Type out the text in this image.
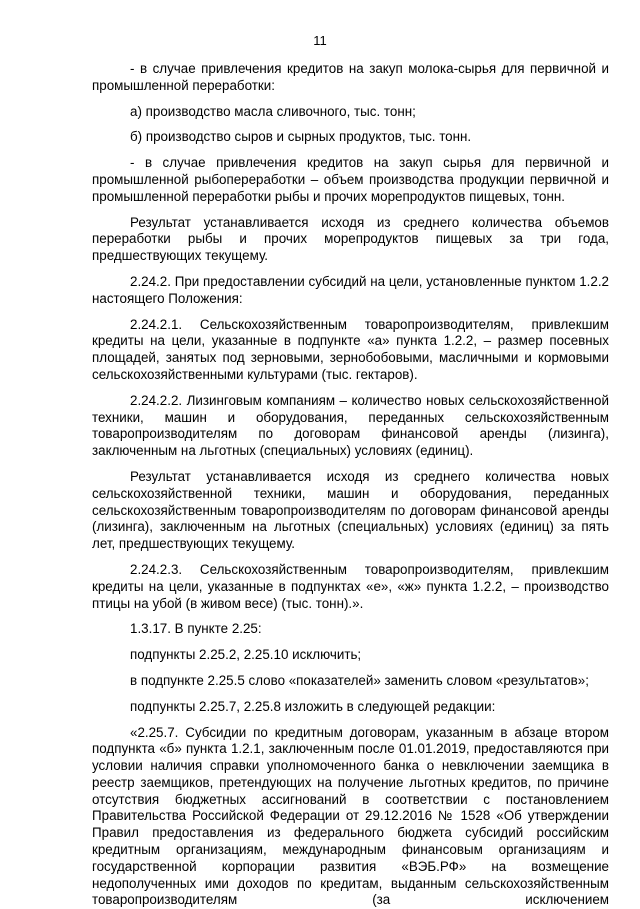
11

- в случае привлечения кредитов на закуп молока-сырья для первичной и промышленной переработки:

а) производство масла сливочного, тыс. тонн;

б) производство сыров и сырных продуктов, тыс. тонн.

- в случае привлечения кредитов на закуп сырья для первичной и промышленной рыбопереработки – объем производства продукции первичной и промышленной переработки рыбы и прочих морепродуктов пищевых, тонн.

Результат устанавливается исходя из среднего количества объемов переработки рыбы и прочих морепродуктов пищевых за три года, предшествующих текущему.

2.24.2. При предоставлении субсидий на цели, установленные пунктом 1.2.2 настоящего Положения:

2.24.2.1. Сельскохозяйственным товаропроизводителям, привлекшим кредиты на цели, указанные в подпункте «а» пункта 1.2.2, – размер посевных площадей, занятых под зерновыми, зернобобовыми, масличными и кормовыми сельскохозяйственными культурами (тыс. гектаров).

2.24.2.2. Лизинговым компаниям – количество новых сельскохозяйственной техники, машин и оборудования, переданных сельскохозяйственным товаропроизводителям по договорам финансовой аренды (лизинга), заключенным на льготных (специальных) условиях (единиц).

Результат устанавливается исходя из среднего количества новых сельскохозяйственной техники, машин и оборудования, переданных сельскохозяйственным товаропроизводителям по договорам финансовой аренды (лизинга), заключенным на льготных (специальных) условиях (единиц) за пять лет, предшествующих текущему.

2.24.2.3. Сельскохозяйственным товаропроизводителям, привлекшим кредиты на цели, указанные в подпунктах «е», «ж» пункта 1.2.2, – производство птицы на убой (в живом весе) (тыс. тонн).».

1.3.17. В пункте 2.25:

подпункты 2.25.2, 2.25.10 исключить;

в подпункте 2.25.5 слово «показателей» заменить словом «результатов»;

подпункты 2.25.7, 2.25.8 изложить в следующей редакции:

«2.25.7. Субсидии по кредитным договорам, указанным в абзаце втором подпункта «б» пункта 1.2.1, заключенным после 01.01.2019, предоставляются при условии наличия справки уполномоченного банка о невключении заемщика в реестр заемщиков, претендующих на получение льготных кредитов, по причине отсутствия бюджетных ассигнований в соответствии с постановлением Правительства Российской Федерации от 29.12.2016 № 1528 «Об утверждении Правил предоставления из федерального бюджета субсидий российским кредитным организациям, международным финансовым организациям и государственной корпорации развития «ВЭБ.РФ» на возмещение недополученных ими доходов по кредитам, выданным сельскохозяйственным товаропроизводителям (за исключением
